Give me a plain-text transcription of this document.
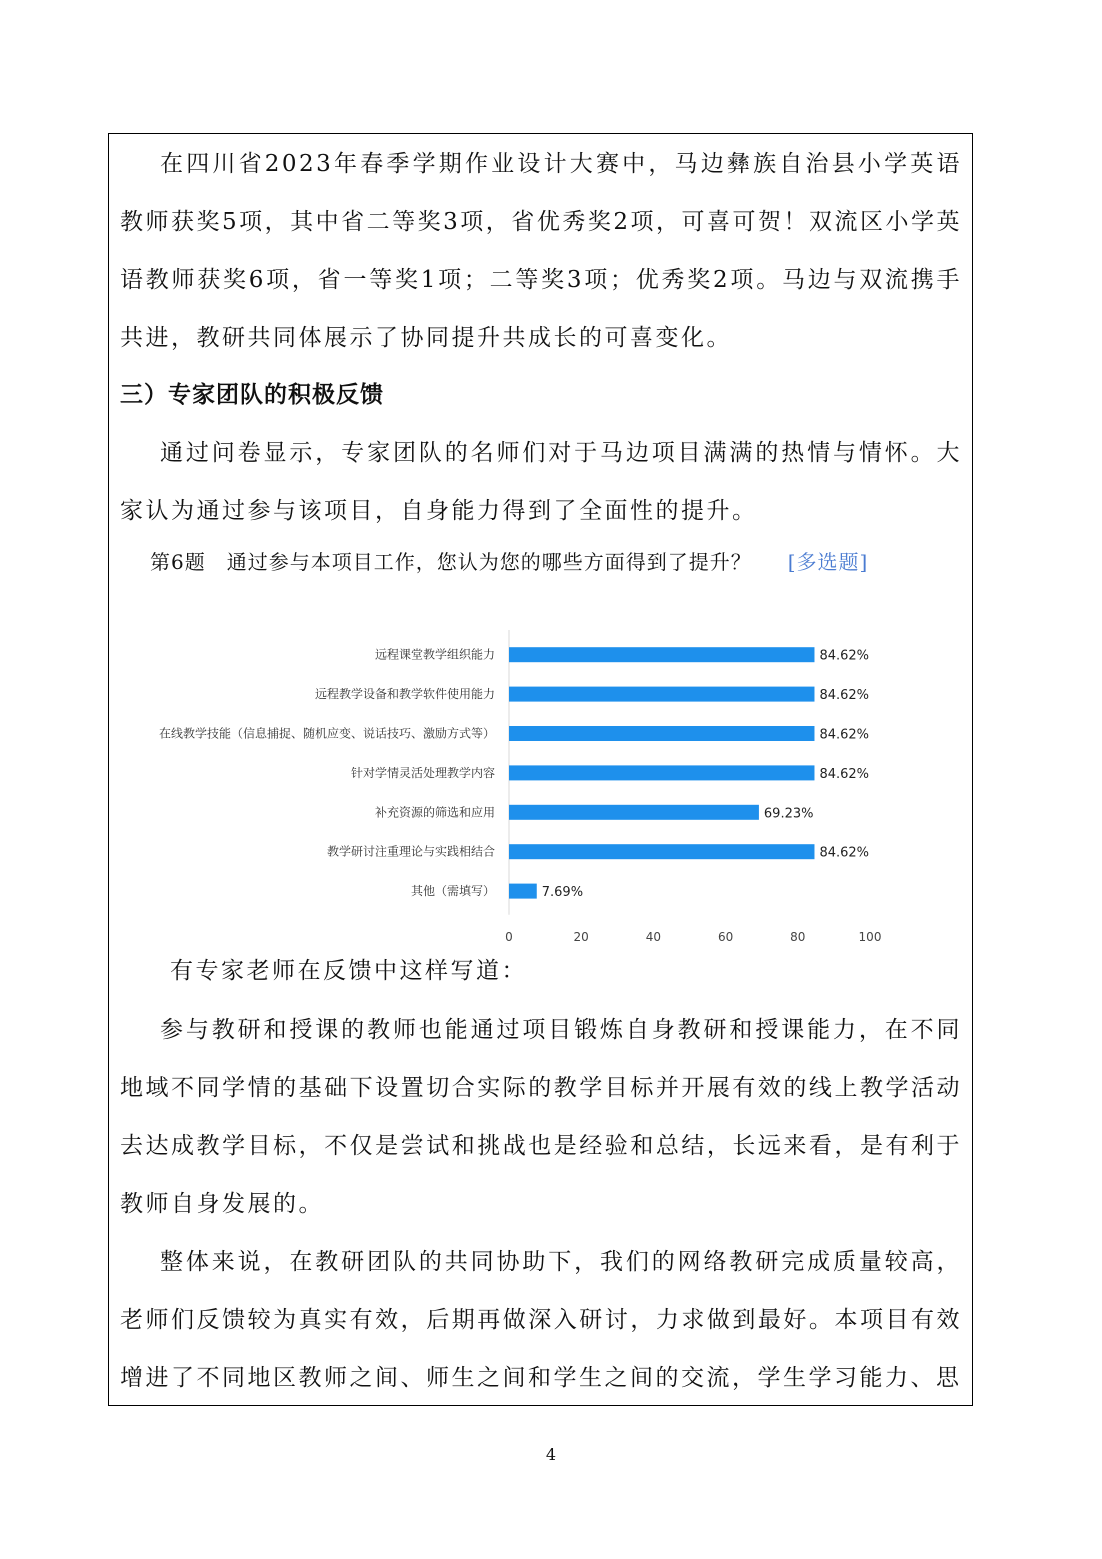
在四川省2023年春季学期作业设计大赛中，马边彝族自治县小学英语教师获奖5项，其中省二等奖3项，省优秀奖2项，可喜可贺！双流区小学英语教师获奖6项，省一等奖1项；二等奖3项；优秀奖2项。马边与双流携手共进，教研共同体展示了协同提升共成长的可喜变化。

三）专家团队的积极反馈

通过问卷显示，专家团队的名师们对于马边项目满满的热情与情怀。大家认为通过参与该项目，自身能力得到了全面性的提升。

第6题　通过参与本项目工作，您认为您的哪些方面得到了提升？ [多选题]

远程课堂教学组织能力	84.62%
远程教学设备和教学软件使用能力	84.62%
在线教学技能（信息捕捉、随机应变、说话技巧、激励方式等）	84.62%
针对学情灵活处理教学内容	84.62%
补充资源的筛选和应用	69.23%
教学研讨注重理论与实践相结合	84.62%
其他（需填写）	7.69%
0	20	40	60	80	100

有专家老师在反馈中这样写道：

参与教研和授课的教师也能通过项目锻炼自身教研和授课能力，在不同地域不同学情的基础下设置切合实际的教学目标并开展有效的线上教学活动去达成教学目标，不仅是尝试和挑战也是经验和总结，长远来看，是有利于教师自身发展的。

整体来说，在教研团队的共同协助下，我们的网络教研完成质量较高，老师们反馈较为真实有效，后期再做深入研讨，力求做到最好。本项目有效增进了不同地区教师之间、师生之间和学生之间的交流，学生学习能力、思

4
